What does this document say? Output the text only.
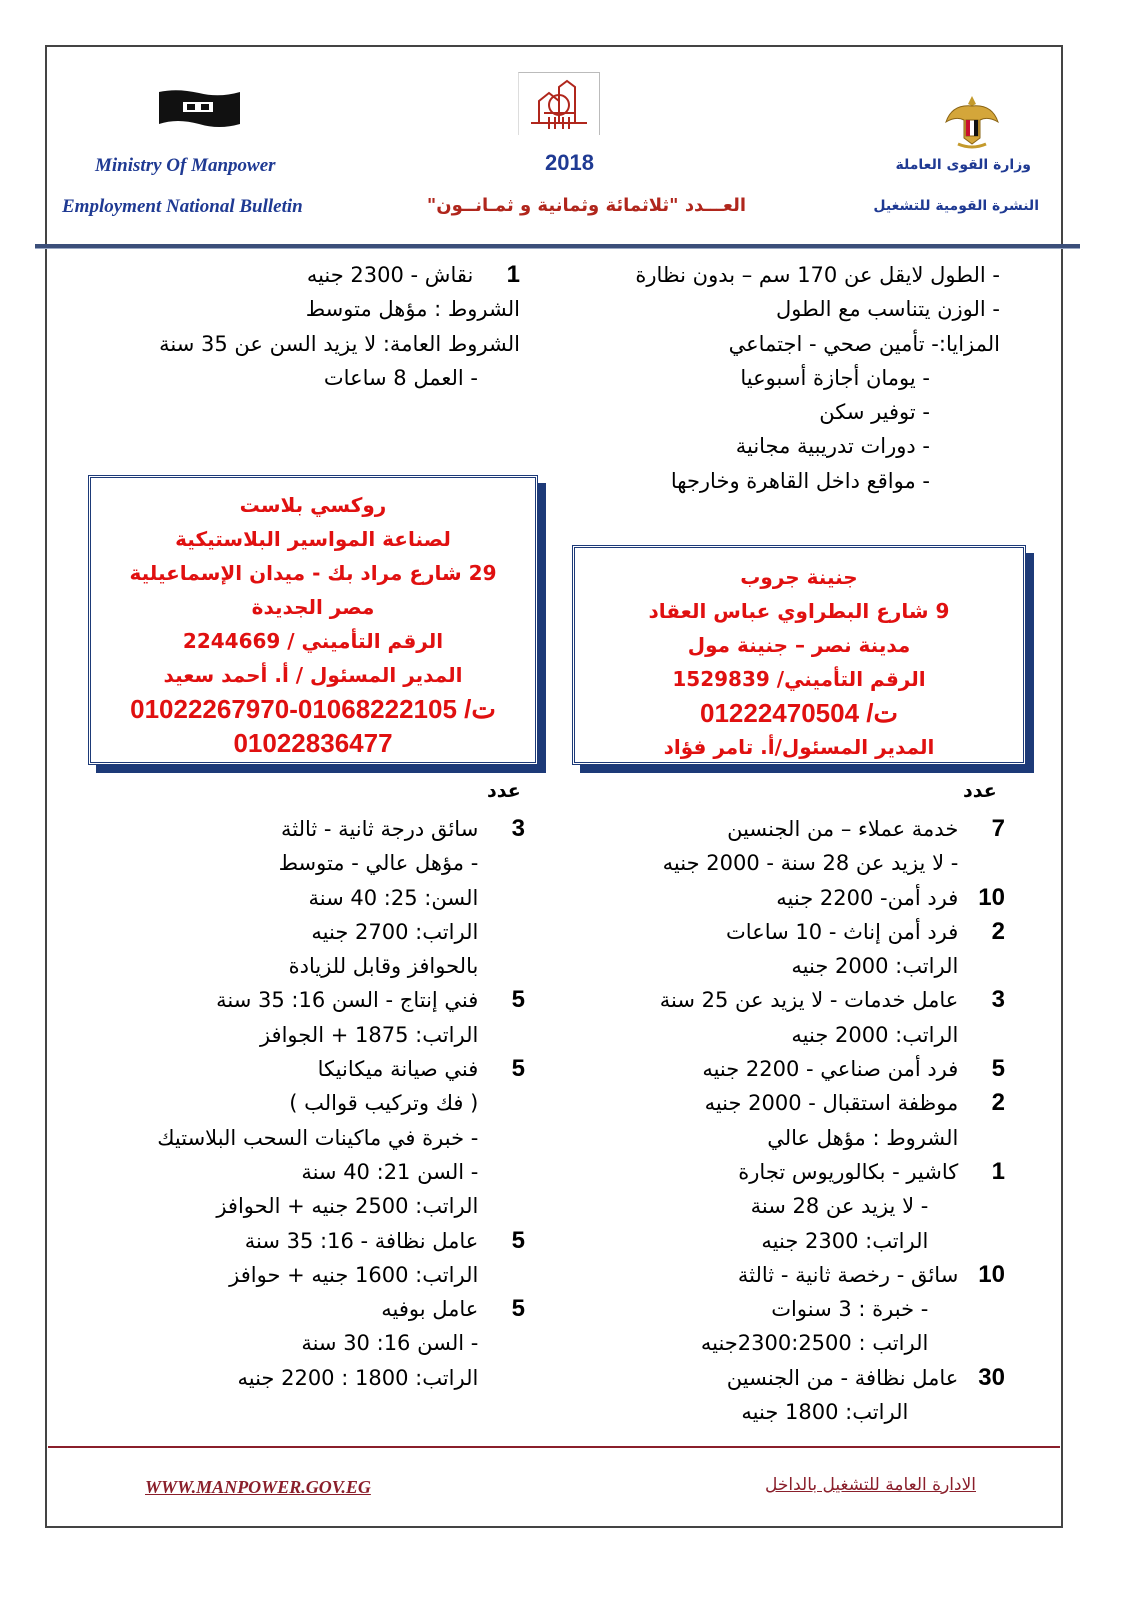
Ministry Of Manpower
Employment National Bulletin
2018
العـــدد "ثلاثمائة وثمانية و ثمـانــون"
وزارة القوى العاملة
النشرة القومية للتشغيل
- الطول لايقل عن 170 سم – بدون نظارة
- الوزن يتناسب مع الطول
المزايا:- تأمين صحي - اجتماعي
- يومان أجازة أسبوعيا
- توفير سكن
- دورات تدريبية مجانية
- مواقع داخل القاهرة وخارجها
1 نقاش - 2300 جنيه
الشروط : مؤهل متوسط
الشروط العامة: لا يزيد السن عن 35 سنة
- العمل 8 ساعات
روكسي بلاست
لصناعة المواسير البلاستيكية
29 شارع مراد بك - ميدان الإسماعيلية
مصر الجديدة
الرقم التأميني / 2244669
المدير المسئول / أ. أحمد سعيد
ت/ 01068222105-01022267970
01022836477
جنينة جروب
9 شارع البطراوي عباس العقاد
مدينة نصر – جنينة مول
الرقم التأميني/ 1529839
ت/ 01222470504
المدير المسئول/أ. تامر فؤاد
عدد
عدد
7 خدمة عملاء – من الجنسين
- لا يزيد عن 28 سنة - 2000 جنيه
10 فرد أمن- 2200 جنيه
2 فرد أمن إناث - 10 ساعات
الراتب: 2000 جنيه
3 عامل خدمات - لا يزيد عن 25 سنة
الراتب: 2000 جنيه
5 فرد أمن صناعي - 2200 جنيه
2 موظفة استقبال - 2000 جنيه
الشروط : مؤهل عالي
1 كاشير - بكالوريوس تجارة
- لا يزيد عن 28 سنة
الراتب: 2300 جنيه
10 سائق - رخصة ثانية - ثالثة
- خبرة : 3 سنوات
الراتب : 2300:2500جنيه
30 عامل نظافة - من الجنسين
الراتب: 1800 جنيه
3 سائق درجة ثانية - ثالثة
- مؤهل عالي - متوسط
السن: 25: 40 سنة
الراتب: 2700 جنيه
بالحوافز وقابل للزيادة
5 فني إنتاج - السن 16: 35 سنة
الراتب: 1875 + الجوافز
5 فني صيانة ميكانيكا
( فك وتركيب قوالب )
- خبرة في ماكينات السحب البلاستيك
- السن 21: 40 سنة
الراتب: 2500 جنيه + الحوافز
5 عامل نظافة - 16: 35 سنة
الراتب: 1600 جنيه + حوافز
5 عامل بوفيه
- السن 16: 30 سنة
الراتب: 1800 : 2200 جنيه
WWW.MANPOWER.GOV.EG	الادارة العامة للتشغيل بالداخل
